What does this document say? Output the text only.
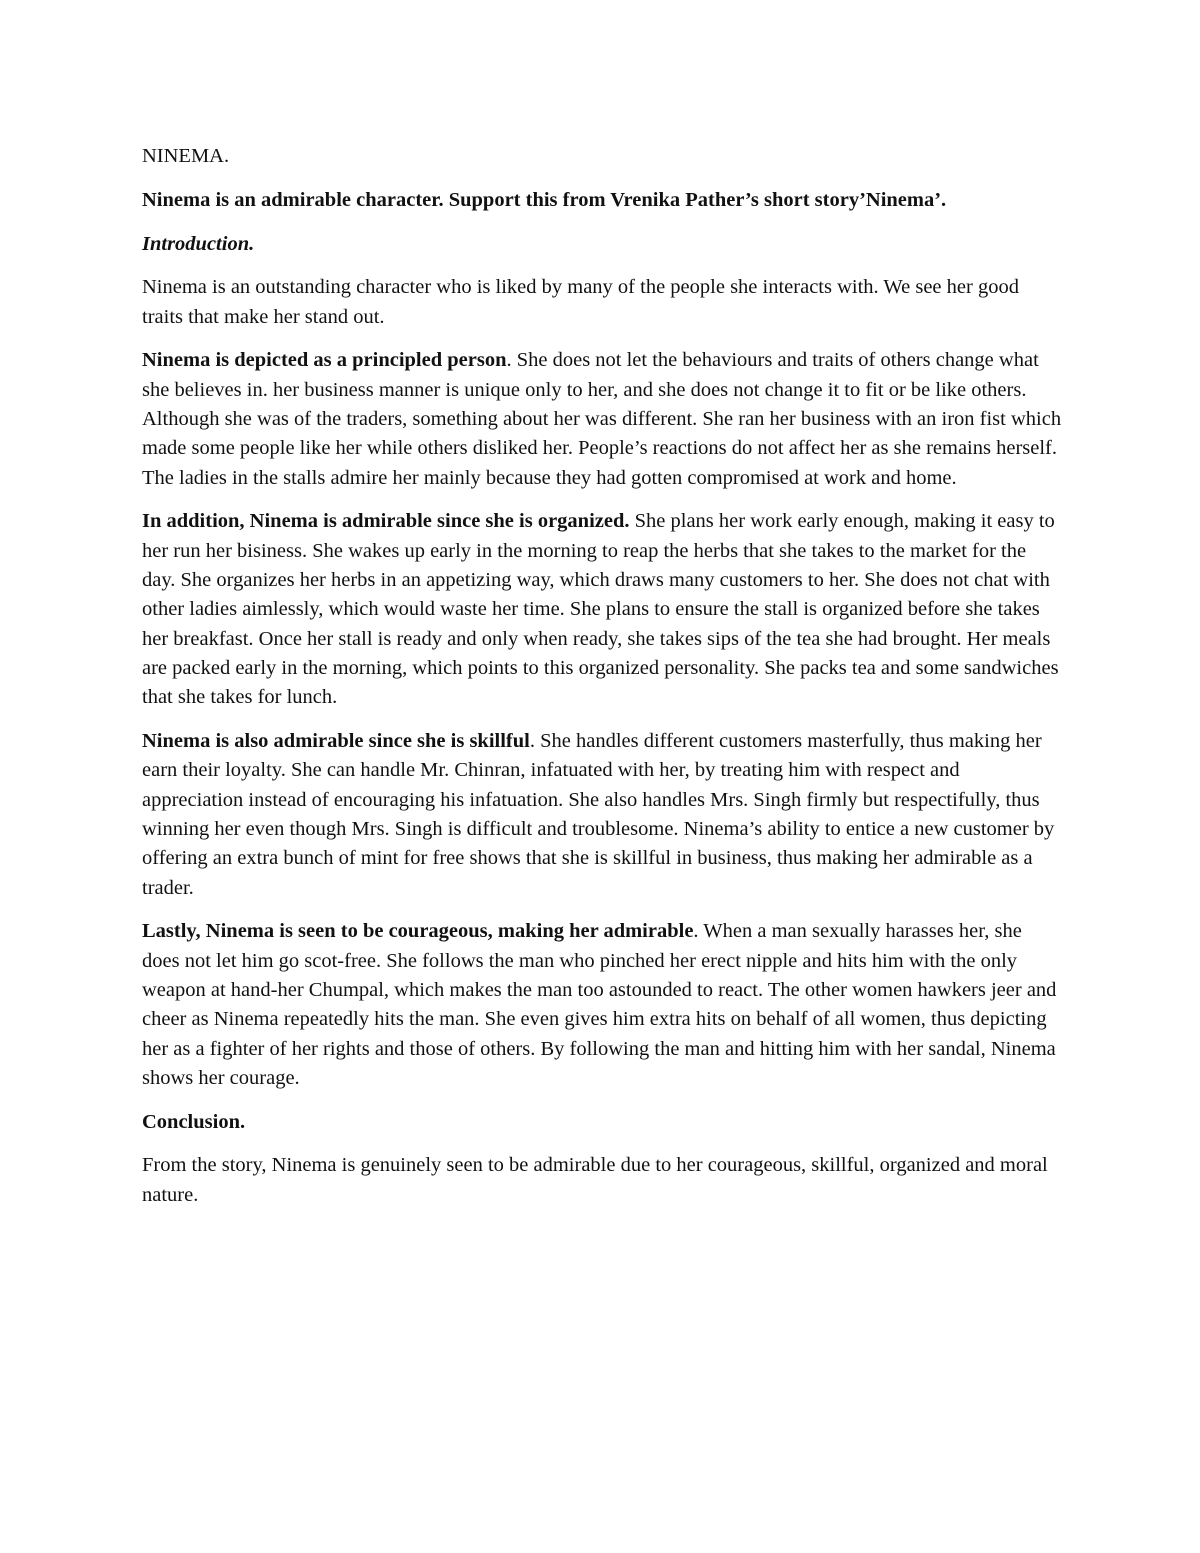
NINEMA.

Ninema is an admirable character. Support this from Vrenika Pather’s short story’Ninema’.

Introduction.

Ninema is an outstanding character who is liked by many of the people she interacts with. We see her good traits that make her stand out.

Ninema is depicted as a principled person. She does not let the behaviours and traits of others change what she believes in. her business manner is unique only to her, and she does not change it to fit or be like others. Although she was of the traders, something about her was different. She ran her business with an iron fist which made some people like her while others disliked her. People’s reactions do not affect her as she remains herself. The ladies in the stalls admire her mainly because they had gotten compromised at work and home.

In addition, Ninema is admirable since she is organized. She plans her work early enough, making it easy to her run her bisiness. She wakes up early in the morning to reap the herbs that she takes to the market for the day. She organizes her herbs in an appetizing way, which draws many customers to her. She does not chat with other ladies aimlessly, which would waste her time. She plans to ensure the stall is organized before she takes her breakfast. Once her stall is ready and only when ready, she takes sips of the tea she had brought. Her meals are packed early in the morning, which points to this organized personality. She packs tea and some sandwiches that she takes for lunch.

Ninema is also admirable since she is skillful. She handles different customers masterfully, thus making her earn their loyalty. She can handle Mr. Chinran, infatuated with her, by treating him with respect and appreciation instead of encouraging his infatuation. She also handles Mrs. Singh firmly but respectifully, thus winning her even though Mrs. Singh is difficult and troublesome. Ninema’s ability to entice a new customer by offering an extra bunch of mint for free shows that she is skillful in business, thus making her admirable as a trader.

Lastly, Ninema is seen to be courageous, making her admirable. When a man sexually harasses her, she does not let him go scot-free. She follows the man who pinched her erect nipple and hits him with the only weapon at hand-her Chumpal, which makes the man too astounded to react. The other women hawkers jeer and cheer as Ninema repeatedly hits the man. She even gives him extra hits on behalf of all women, thus depicting her as a fighter of her rights and those of others. By following the man and hitting him with her sandal, Ninema shows her courage.

Conclusion.

From the story, Ninema is genuinely seen to be admirable due to her courageous, skillful, organized and moral nature.
